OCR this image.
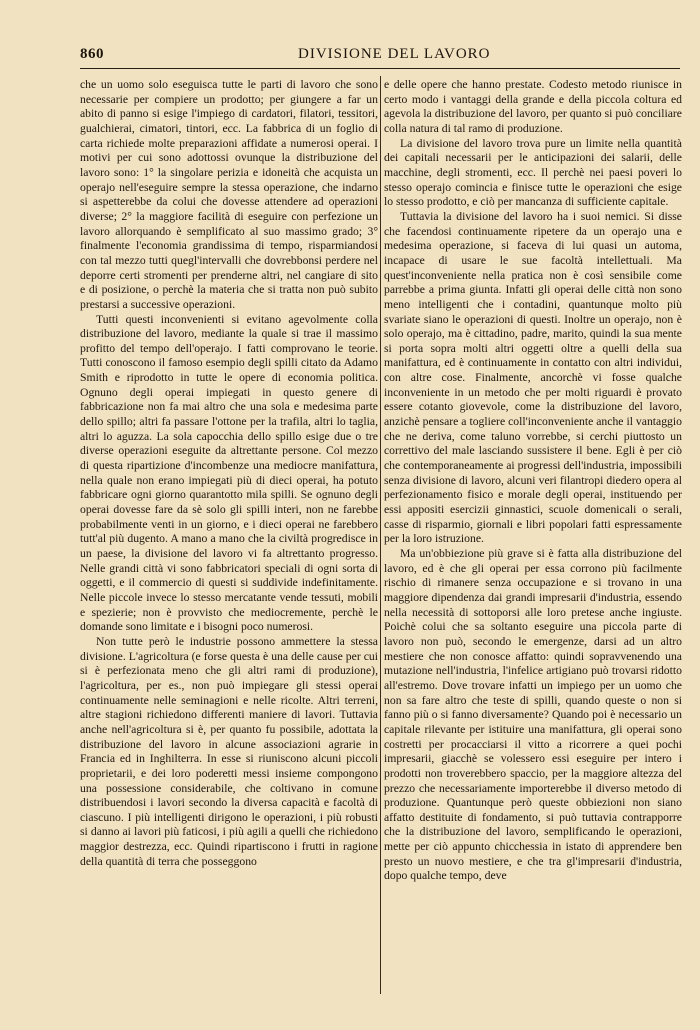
860	DIVISIONE DEL LAVORO

che un uomo solo eseguisca tutte le parti di lavoro che sono necessarie per compiere un prodotto; per giungere a far un abito di panno si esige l'impiego di cardatori, filatori, tessitori, gualchierai, cimatori, tintori, ecc. La fabbrica di un foglio di carta richiede molte preparazioni affidate a numerosi operai. I motivi per cui sono adottossi ovunque la distribuzione del lavoro sono: 1° la singolare perizia e idoneità che acquista un operajo nell'eseguire sempre la stessa operazione, che indarno si aspetterebbe da colui che dovesse attendere ad operazioni diverse; 2° la maggiore facilità di eseguire con perfezione un lavoro allorquando è semplificato al suo massimo grado; 3° finalmente l'economia grandissima di tempo, risparmiandosi con tal mezzo tutti quegl'intervalli che dovrebbonsi perdere nel deporre certi stromenti per prenderne altri, nel cangiare di sito e di posizione, o perchè la materia che si tratta non può subito prestarsi a successive operazioni.

Tutti questi inconvenienti si evitano agevolmente colla distribuzione del lavoro, mediante la quale si trae il massimo profitto del tempo dell'operajo. I fatti comprovano le teorie. Tutti conoscono il famoso esempio degli spilli citato da Adamo Smith e riprodotto in tutte le opere di economia politica. Ognuno degli operai impiegati in questo genere di fabbricazione non fa mai altro che una sola e medesima parte dello spillo; altri fa passare l'ottone per la trafila, altri lo taglia, altri lo aguzza. La sola capocchia dello spillo esige due o tre diverse operazioni eseguite da altrettante persone. Col mezzo di questa ripartizione d'incombenze una mediocre manifattura, nella quale non erano impiegati più di dieci operai, ha potuto fabbricare ogni giorno quarantotto mila spilli. Se ognuno degli operai dovesse fare da sè solo gli spilli interi, non ne farebbe probabilmente venti in un giorno, e i dieci operai ne farebbero tutt'al più dugento. A mano a mano che la civiltà progredisce in un paese, la divisione del lavoro vi fa altrettanto progresso. Nelle grandi città vi sono fabbricatori speciali di ogni sorta di oggetti, e il commercio di questi si suddivide indefinitamente. Nelle piccole invece lo stesso mercatante vende tessuti, mobili e spezierie; non è provvisto che mediocremente, perchè le domande sono limitate e i bisogni poco numerosi.

Non tutte però le industrie possono ammettere la stessa divisione. L'agricoltura (e forse questa è una delle cause per cui si è perfezionata meno che gli altri rami di produzione), l'agricoltura, per es., non può impiegare gli stessi operai continuamente nelle seminagioni e nelle ricolte. Altri terreni, altre stagioni richiedono differenti maniere di lavori. Tuttavia anche nell'agricoltura si è, per quanto fu possibile, adottata la distribuzione del lavoro in alcune associazioni agrarie in Francia ed in Inghilterra. In esse si riuniscono alcuni piccoli proprietarii, e dei loro poderetti messi insieme compongono una possessione considerabile, che coltivano in comune distribuendosi i lavori secondo la diversa capacità e facoltà di ciascuno. I più intelligenti dirigono le operazioni, i più robusti si danno ai lavori più faticosi, i più agili a quelli che richiedono maggior destrezza, ecc. Quindi ripartiscono i frutti in ragione della quantità di terra che posseggono

e delle opere che hanno prestate. Codesto metodo riunisce in certo modo i vantaggi della grande e della piccola coltura ed agevola la distribuzione del lavoro, per quanto si può conciliare colla natura di tal ramo di produzione.

La divisione del lavoro trova pure un limite nella quantità dei capitali necessarii per le anticipazioni dei salarii, delle macchine, degli stromenti, ecc. Il perchè nei paesi poveri lo stesso operajo comincia e finisce tutte le operazioni che esige lo stesso prodotto, e ciò per mancanza di sufficiente capitale.

Tuttavia la divisione del lavoro ha i suoi nemici. Si disse che facendosi continuamente ripetere da un operajo una e medesima operazione, si faceva di lui quasi un automa, incapace di usare le sue facoltà intellettuali. Ma quest'inconveniente nella pratica non è così sensibile come parrebbe a prima giunta. Infatti gli operai delle città non sono meno intelligenti che i contadini, quantunque molto più svariate siano le operazioni di questi. Inoltre un operajo, non è solo operajo, ma è cittadino, padre, marito, quindi la sua mente si porta sopra molti altri oggetti oltre a quelli della sua manifattura, ed è continuamente in contatto con altri individui, con altre cose. Finalmente, ancorchè vi fosse qualche inconveniente in un metodo che per molti riguardi è provato essere cotanto giovevole, come la distribuzione del lavoro, anzichè pensare a togliere coll'inconveniente anche il vantaggio che ne deriva, come taluno vorrebbe, si cerchi piuttosto un correttivo del male lasciando sussistere il bene. Egli è per ciò che contemporaneamente ai progressi dell'industria, impossibili senza divisione di lavoro, alcuni veri filantropi diedero opera al perfezionamento fisico e morale degli operai, instituendo per essi appositi esercizii ginnastici, scuole domenicali o serali, casse di risparmio, giornali e libri popolari fatti espressamente per la loro istruzione.

Ma un'obbiezione più grave si è fatta alla distribuzione del lavoro, ed è che gli operai per essa corrono più facilmente rischio di rimanere senza occupazione e si trovano in una maggiore dipendenza dai grandi impresarii d'industria, essendo nella necessità di sottoporsi alle loro pretese anche ingiuste. Poichè colui che sa soltanto eseguire una piccola parte di lavoro non può, secondo le emergenze, darsi ad un altro mestiere che non conosce affatto: quindi sopravvenendo una mutazione nell'industria, l'infelice artigiano può trovarsi ridotto all'estremo. Dove trovare infatti un impiego per un uomo che non sa fare altro che teste di spilli, quando queste o non si fanno più o si fanno diversamente? Quando poi è necessario un capitale rilevante per istituire una manifattura, gli operai sono costretti per procacciarsi il vitto a ricorrere a quei pochi impresarii, giacchè se volessero essi eseguire per intero i prodotti non troverebbero spaccio, per la maggiore altezza del prezzo che necessariamente importerebbe il diverso metodo di produzione. Quantunque però queste obbiezioni non siano affatto destituite di fondamento, si può tuttavia contrapporre che la distribuzione del lavoro, semplificando le operazioni, mette per ciò appunto chicchessia in istato di apprendere ben presto un nuovo mestiere, e che tra gl'impresarii d'industria, dopo qualche tempo, deve
